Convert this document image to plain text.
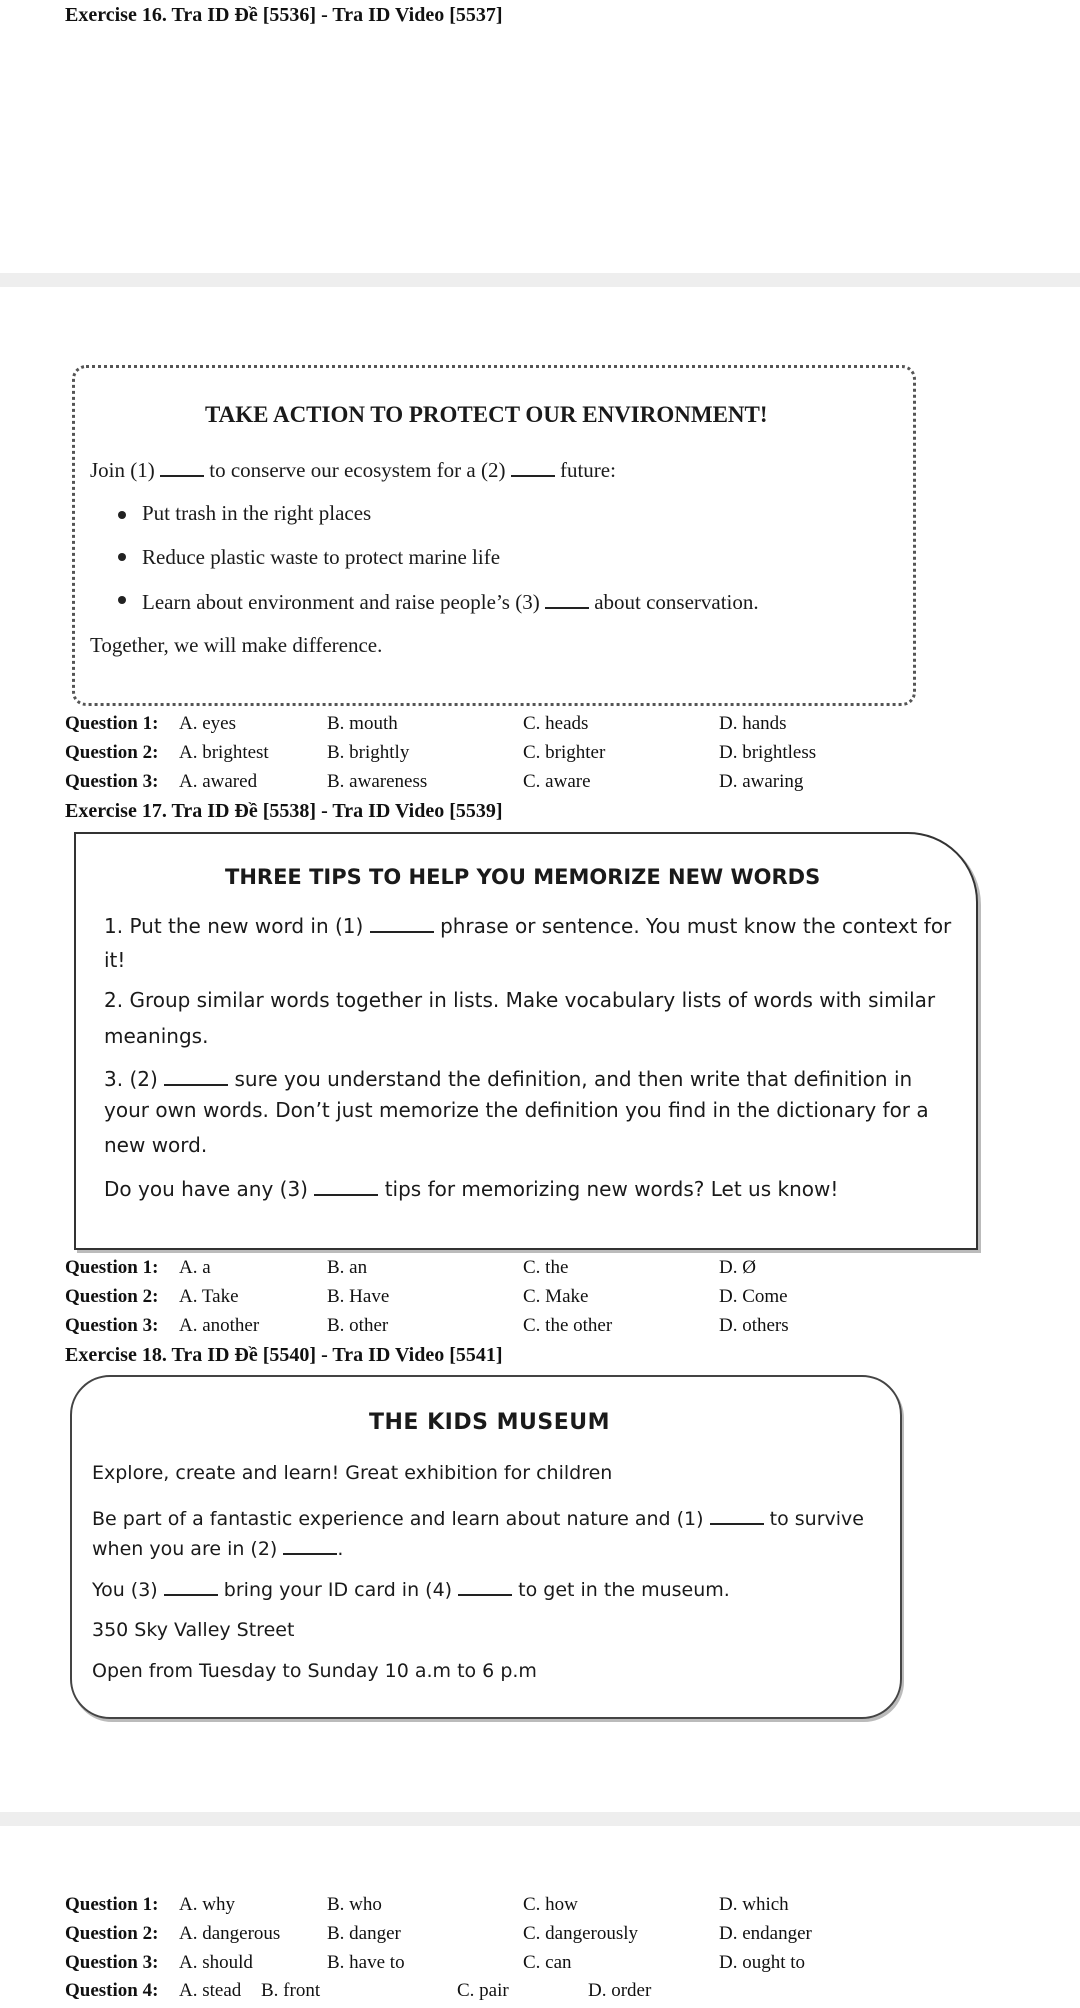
Exercise 16. Tra ID Đề [5536] - Tra ID Video [5537]
TAKE ACTION TO PROTECT OUR ENVIRONMENT!
Join (1)	to conserve our ecosystem for a (2)	future:
Put trash in the right places
Reduce plastic waste to protect marine life
Learn about environment and raise people’s (3)	about conservation.
Together, we will make difference.
Question 1: A. eyes	B. mouth	C. heads	D. hands
Question 2: A. brightest	B. brightly	C. brighter	D. brightless
Question 3: A. awared	B. awareness	C. aware	D. awaring
Exercise 17. Tra ID Đề [5538] - Tra ID Video [5539]
THREE TIPS TO HELP YOU MEMORIZE NEW WORDS
1. Put the new word in (1)	phrase or sentence. You must know the context for
it!
2. Group similar words together in lists. Make vocabulary lists of words with similar
meanings.
3. (2)	sure you understand the definition, and then write that definition in
your own words. Don’t just memorize the definition you find in the dictionary for a
new word.
Do you have any (3)	tips for memorizing new words? Let us know!
Question 1: A. a	B. an	C. the	D. Ø
Question 2: A. Take	B. Have	C. Make	D. Come
Question 3: A. another	B. other	C. the other	D. others
Exercise 18. Tra ID Đề [5540] - Tra ID Video [5541]
THE KIDS MUSEUM
Explore, create and learn! Great exhibition for children
Be part of a fantastic experience and learn about nature and (1)	to survive
when you are in (2)	.
You (3)	bring your ID card in (4)	to get in the museum.
350 Sky Valley Street
Open from Tuesday to Sunday 10 a.m to 6 p.m
Question 1: A. why	B. who	C. how	D. which
Question 2: A. dangerous B. danger	C. dangerously	D. endanger
Question 3: A. should	B. have to	C. can	D. ought to
Question 4: A. stead B. front	C. pair	D. order
